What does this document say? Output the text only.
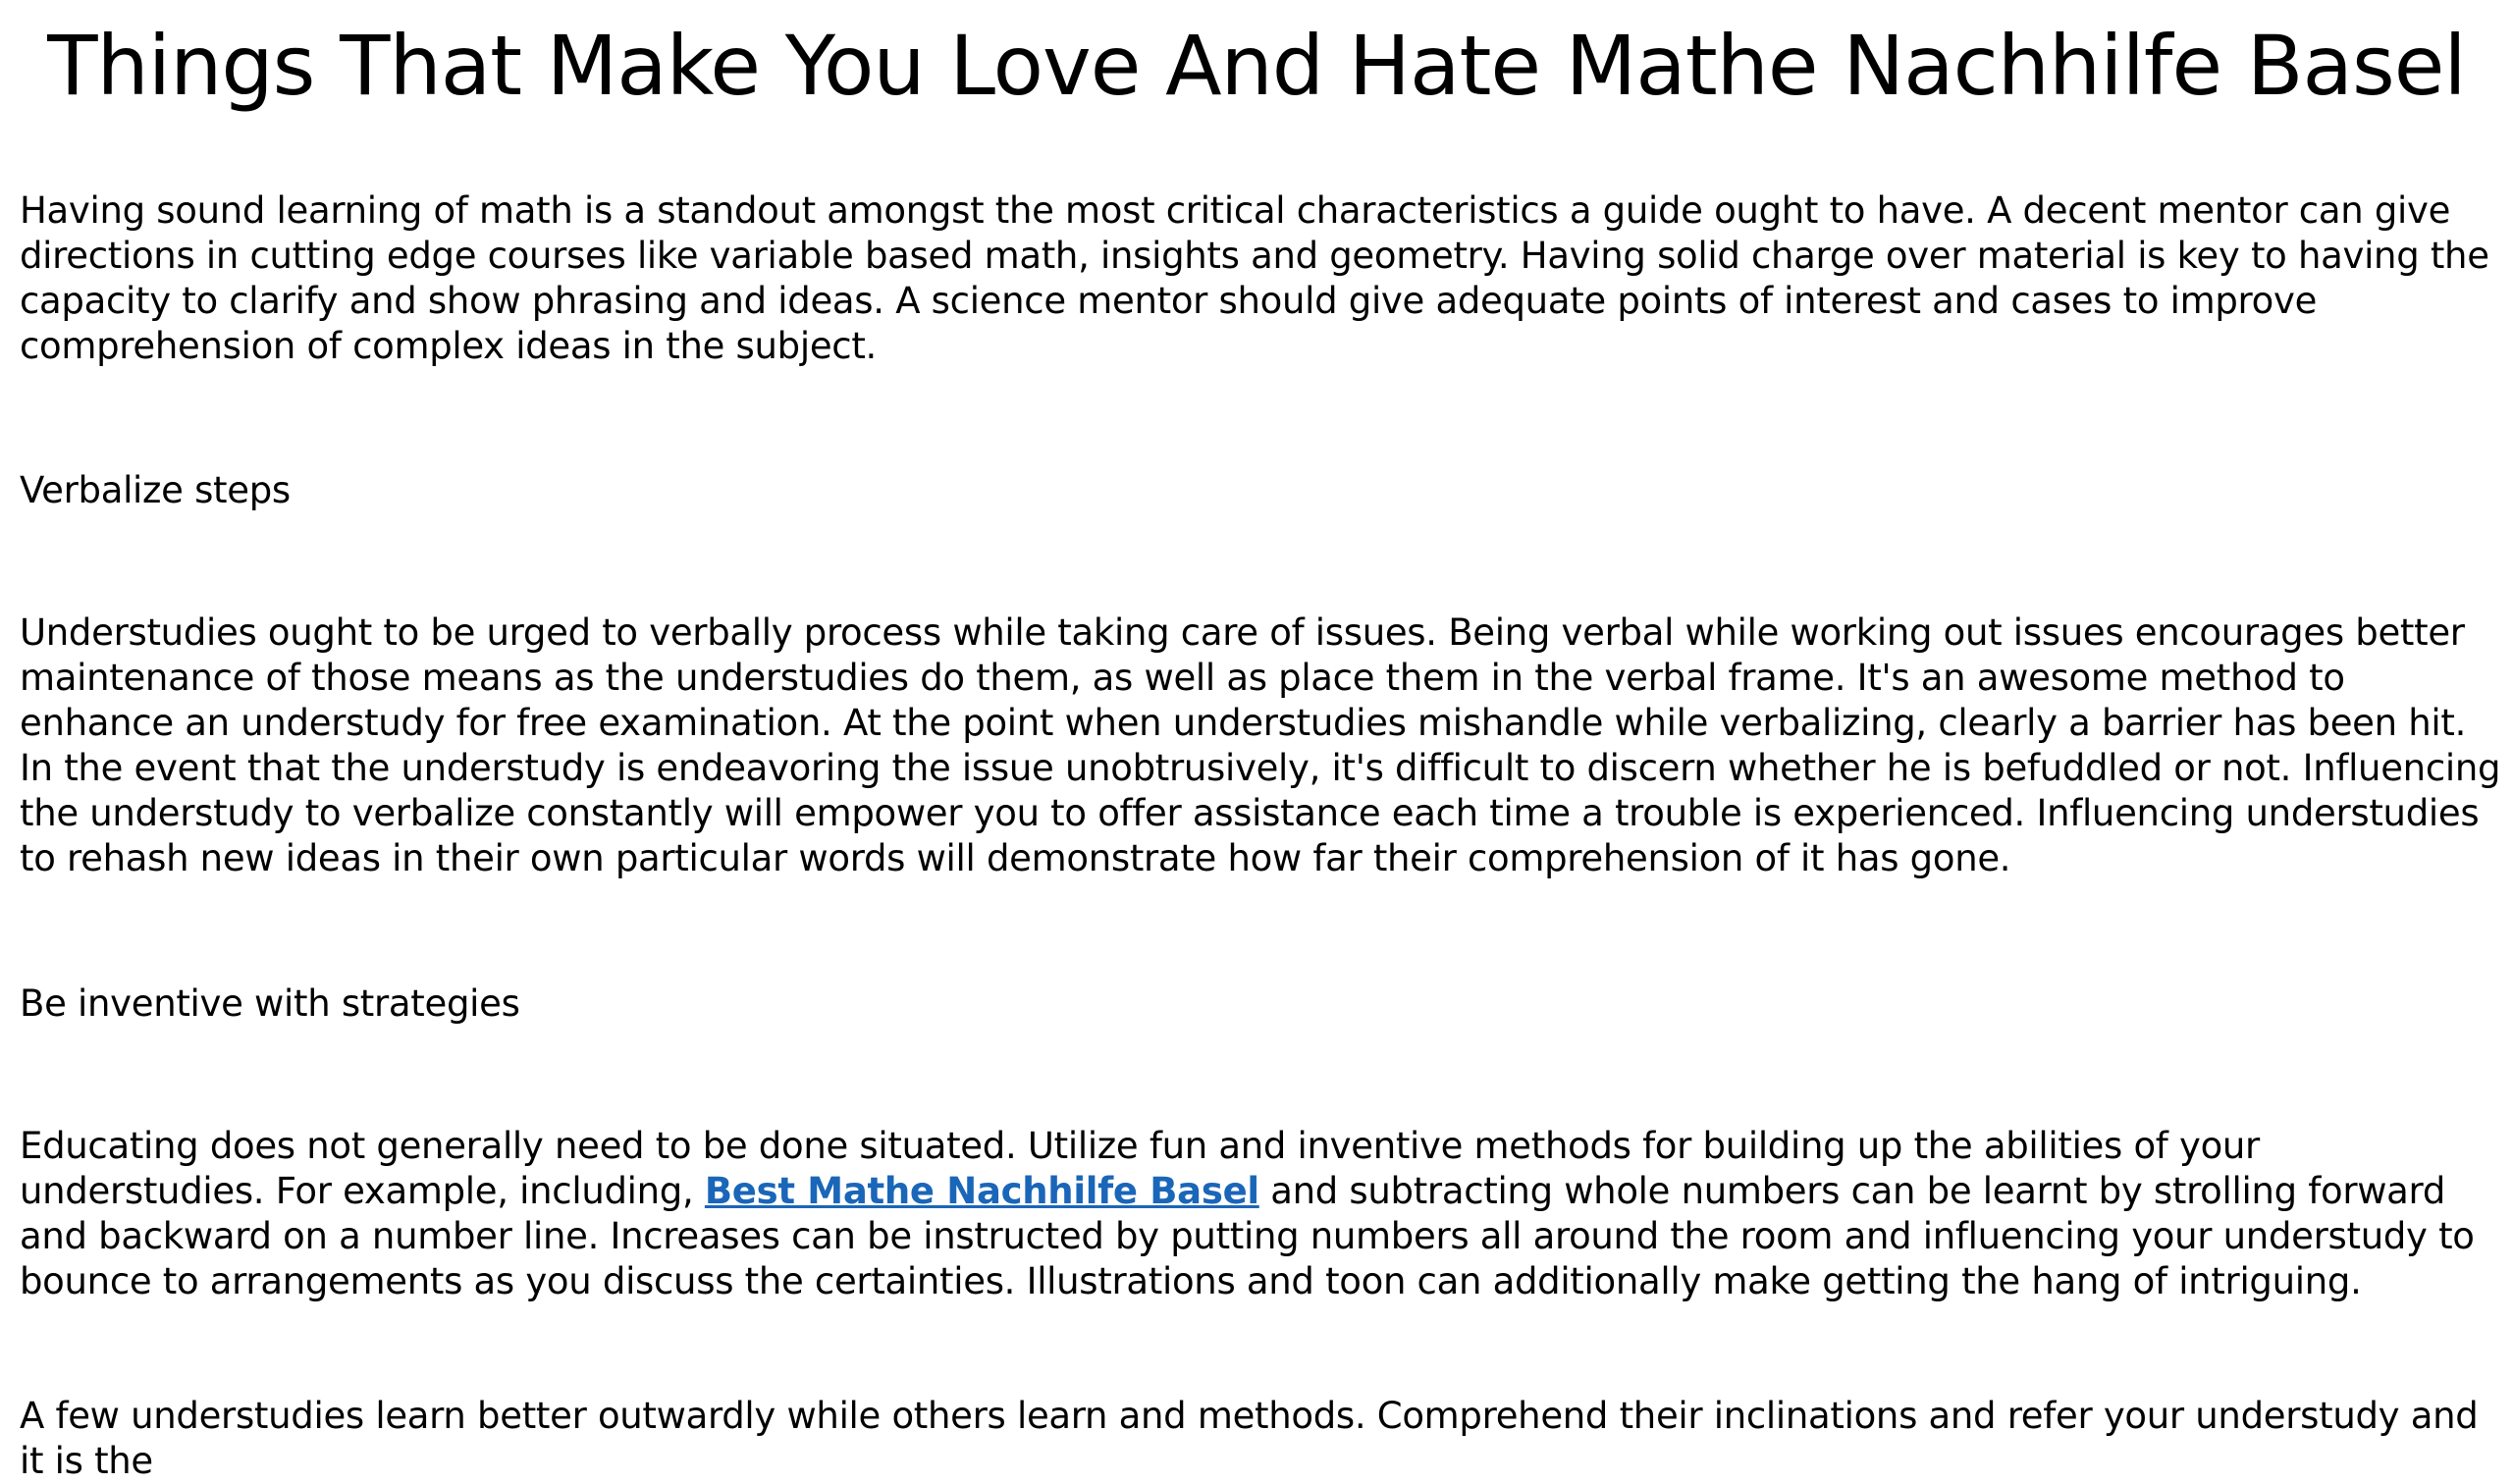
Things That Make You Love And Hate Mathe Nachhilfe Basel

Having sound learning of math is a standout amongst the most critical characteristics a guide ought to have. A decent mentor can give directions in cutting edge courses like variable based math, insights and geometry. Having solid charge over material is key to having the capacity to clarify and show phrasing and ideas. A science mentor should give adequate points of interest and cases to improve comprehension of complex ideas in the subject.

Verbalize steps

Understudies ought to be urged to verbally process while taking care of issues. Being verbal while working out issues encourages better maintenance of those means as the understudies do them, as well as place them in the verbal frame. It's an awesome method to enhance an understudy for free examination. At the point when understudies mishandle while verbalizing, clearly a barrier has been hit. In the event that the understudy is endeavoring the issue unobtrusively, it's difficult to discern whether he is befuddled or not. Influencing the understudy to verbalize constantly will empower you to offer assistance each time a trouble is experienced. Influencing understudies to rehash new ideas in their own particular words will demonstrate how far their comprehension of it has gone.

Be inventive with strategies

Educating does not generally need to be done situated. Utilize fun and inventive methods for building up the abilities of your understudies. For example, including, Best Mathe Nachhilfe Basel and subtracting whole numbers can be learnt by strolling forward and backward on a number line. Increases can be instructed by putting numbers all around the room and influencing your understudy to bounce to arrangements as you discuss the certainties. Illustrations and toon can additionally make getting the hang of intriguing.

A few understudies learn better outwardly while others learn and methods. Comprehend their inclinations and refer your understudy and it is the
